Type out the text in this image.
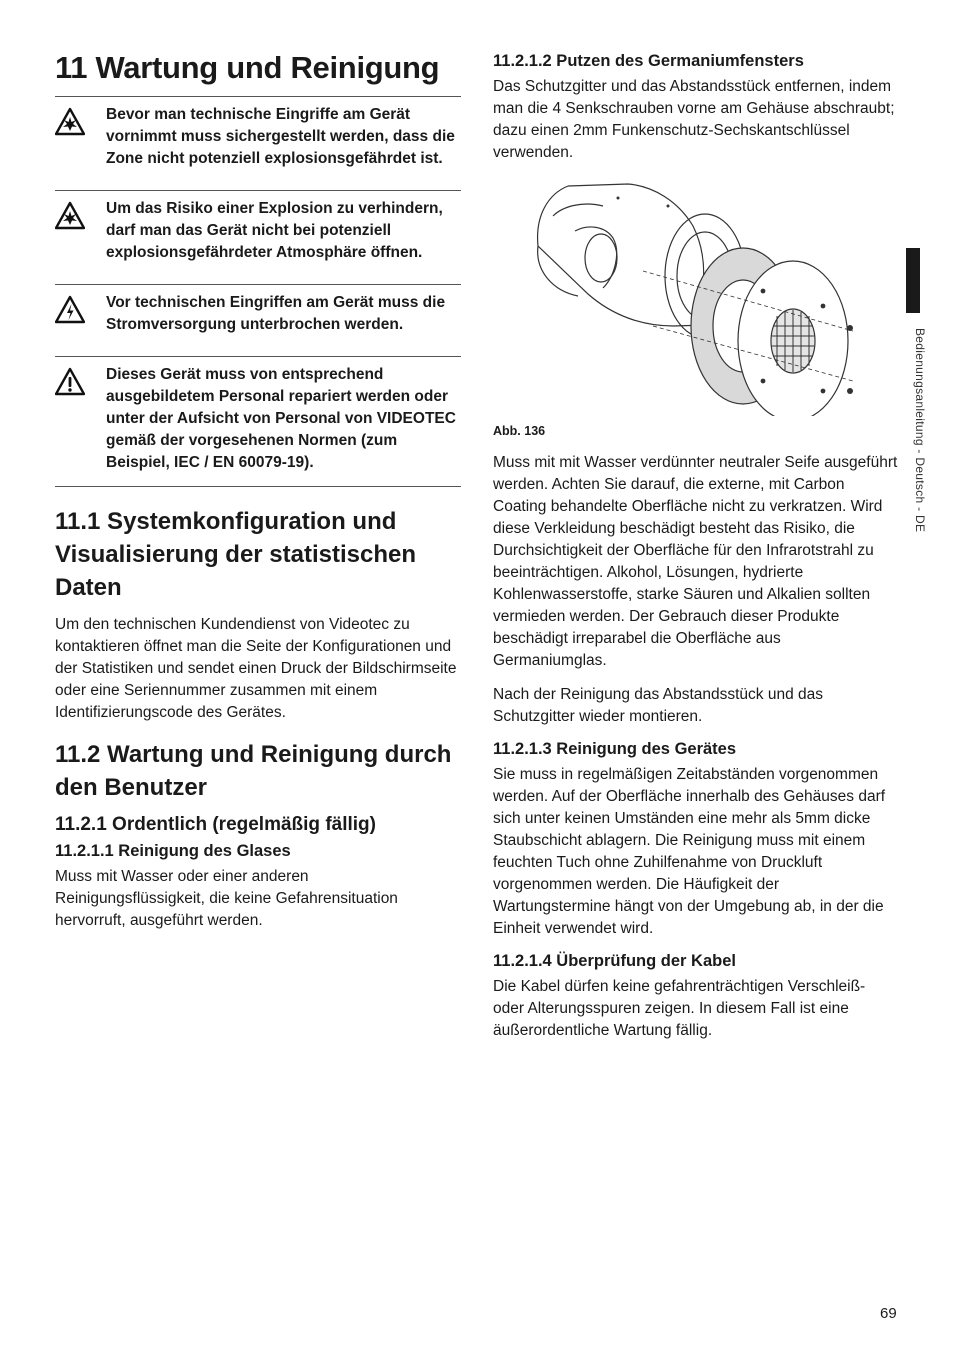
11 Wartung und Reinigung
Bevor man technische Eingriffe am Gerät vornimmt muss sichergestellt werden, dass die Zone nicht potenziell explosionsgefährdet ist.
Um das Risiko einer Explosion zu verhindern, darf man das Gerät nicht bei potenziell explosionsgefährdeter Atmosphäre öffnen.
Vor technischen Eingriffen am Gerät muss die Stromversorgung unterbrochen werden.
Dieses Gerät muss von entsprechend ausgebildetem Personal repariert werden oder unter der Aufsicht von Personal von VIDEOTEC gemäß der vorgesehenen Normen (zum Beispiel, IEC / EN 60079-19).
11.1 Systemkonfiguration und Visualisierung der statistischen Daten

Um den technischen Kundendienst von Videotec zu kontaktieren öffnet man die Seite der Konfigurationen und der Statistiken und sendet einen Druck der Bildschirmseite oder eine Seriennummer zusammen mit einem Identifizierungscode des Gerätes.

11.2 Wartung und Reinigung durch den Benutzer
11.2.1 Ordentlich (regelmäßig fällig)
11.2.1.1 Reinigung des Glases

Muss mit Wasser oder einer anderen Reinigungsflüssigkeit, die keine Gefahrensituation hervorruft, ausgeführt werden.

11.2.1.2 Putzen des Germaniumfensters

Das Schutzgitter und das Abstandsstück entfernen, indem man die 4 Senkschrauben vorne am Gehäuse abschraubt; dazu einen 2mm Funkenschutz-Sechskantschlüssel verwenden.

Abb. 136

Muss mit mit Wasser verdünnter neutraler Seife ausgeführt werden. Achten Sie darauf, die externe, mit Carbon Coating behandelte Oberfläche nicht zu verkratzen. Wird diese Verkleidung beschädigt besteht das Risiko, die Durchsichtigkeit der Oberfläche für den Infrarotstrahl zu beeinträchtigen. Alkohol, Lösungen, hydrierte Kohlenwasserstoffe, starke Säuren und Alkalien sollten vermieden werden. Der Gebrauch dieser Produkte beschädigt irreparabel die Oberfläche aus Germaniumglas.

Nach der Reinigung das Abstandsstück und das Schutzgitter wieder montieren.

11.2.1.3 Reinigung des Gerätes

Sie muss in regelmäßigen Zeitabständen vorgenommen werden. Auf der Oberfläche innerhalb des Gehäuses darf sich unter keinen Umständen eine mehr als 5mm dicke Staubschicht ablagern. Die Reinigung muss mit einem feuchten Tuch ohne Zuhilfenahme von Druckluft vorgenommen werden. Die Häufigkeit der Wartungstermine hängt von der Umgebung ab, in der die Einheit verwendet wird.

11.2.1.4 Überprüfung der Kabel

Die Kabel dürfen keine gefahrenträchtigen Verschleiß- oder Alterungsspuren zeigen. In diesem Fall ist eine äußerordentliche Wartung fällig.

Bedienungsanleitung - Deutsch - DE
69
